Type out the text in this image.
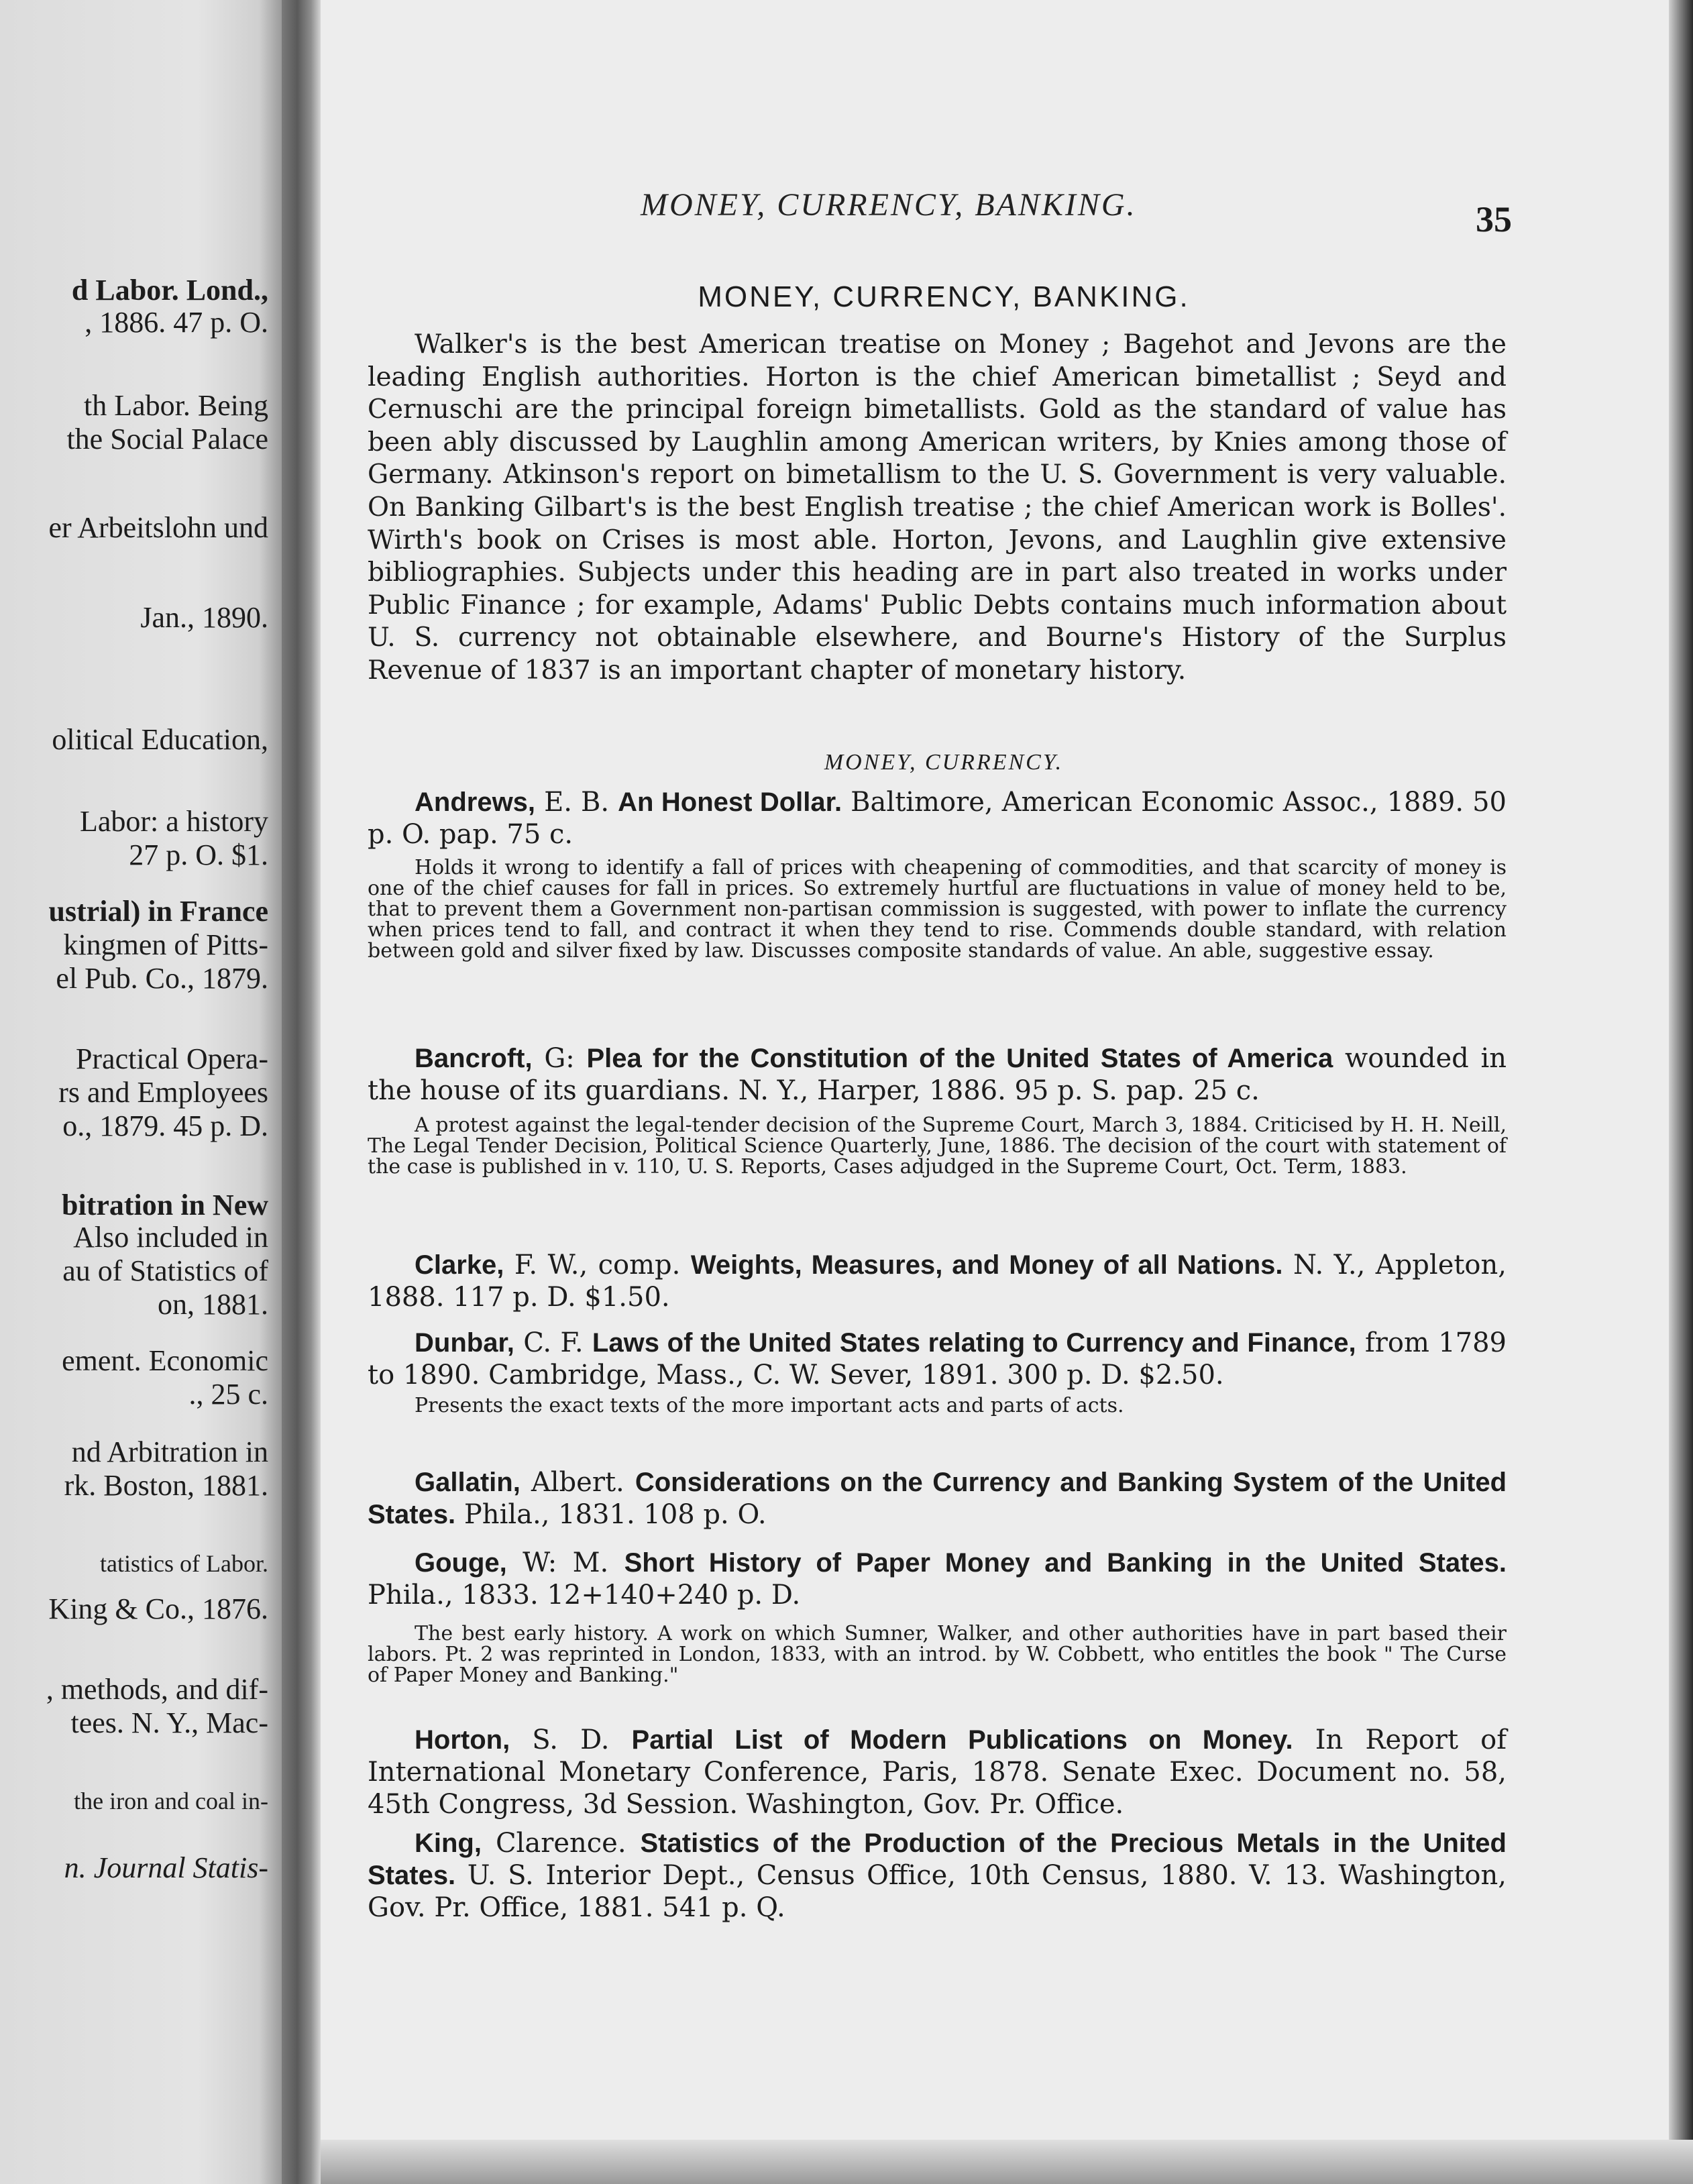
d Labor. Lond.,
, 1886. 47 p. O.
th Labor. Being
the Social Palace
er Arbeitslohn und
Jan., 1890.
olitical Education,
Labor: a history
27 p. O. $1.
ustrial) in France
kingmen of Pitts-
el Pub. Co., 1879.
Practical Opera-
rs and Employees
o., 1879. 45 p. D.
bitration in New
Also included in
au of Statistics of
on, 1881.
ement. Economic
., 25 c.
nd Arbitration in
rk. Boston, 1881.
tatistics of Labor.
King & Co., 1876.
, methods, and dif-
tees. N. Y., Mac-
the iron and coal in-
n. Journal Statis-
MONEY, CURRENCY, BANKING.	35
MONEY, CURRENCY, BANKING.
Walker's is the best American treatise on Money ; Bagehot and Jevons are the leading English authorities. Horton is the chief American bimetallist ; Seyd and Cernuschi are the principal foreign bimetallists. Gold as the standard of value has been ably discussed by Laughlin among American writers, by Knies among those of Germany. Atkinson's report on bimetallism to the U. S. Government is very valuable. On Banking Gilbart's is the best English treatise ; the chief American work is Bolles'. Wirth's book on Crises is most able. Horton, Jevons, and Laughlin give extensive bibliographies. Subjects under this heading are in part also treated in works under Public Finance ; for example, Adams' Public Debts contains much information about U. S. currency not obtainable elsewhere, and Bourne's History of the Surplus Revenue of 1837 is an important chapter of monetary history.
MONEY, CURRENCY.
Andrews, E. B. An Honest Dollar. Baltimore, American Economic Assoc., 1889. 50 p. O. pap. 75 c.
Holds it wrong to identify a fall of prices with cheapening of commodities, and that scarcity of money is one of the chief causes for fall in prices. So extremely hurtful are fluctuations in value of money held to be, that to prevent them a Government non-partisan commission is suggested, with power to inflate the currency when prices tend to fall, and contract it when they tend to rise. Commends double standard, with relation between gold and silver fixed by law. Discusses composite standards of value. An able, suggestive essay.
Bancroft, G: Plea for the Constitution of the United States of America wounded in the house of its guardians. N. Y., Harper, 1886. 95 p. S. pap. 25 c.
A protest against the legal-tender decision of the Supreme Court, March 3, 1884. Criticised by H. H. Neill, The Legal Tender Decision, Political Science Quarterly, June, 1886. The decision of the court with statement of the case is published in v. 110, U. S. Reports, Cases adjudged in the Supreme Court, Oct. Term, 1883.
Clarke, F. W., comp. Weights, Measures, and Money of all Nations. N. Y., Appleton, 1888. 117 p. D. $1.50.
Dunbar, C. F. Laws of the United States relating to Currency and Finance, from 1789 to 1890. Cambridge, Mass., C. W. Sever, 1891. 300 p. D. $2.50.
Presents the exact texts of the more important acts and parts of acts.
Gallatin, Albert. Considerations on the Currency and Banking System of the United States. Phila., 1831. 108 p. O.
Gouge, W: M. Short History of Paper Money and Banking in the United States. Phila., 1833. 12+140+240 p. D.
The best early history. A work on which Sumner, Walker, and other authorities have in part based their labors. Pt. 2 was reprinted in London, 1833, with an introd. by W. Cobbett, who entitles the book " The Curse of Paper Money and Banking."
Horton, S. D. Partial List of Modern Publications on Money. In Report of International Monetary Conference, Paris, 1878. Senate Exec. Document no. 58, 45th Congress, 3d Session. Washington, Gov. Pr. Office.
King, Clarence. Statistics of the Production of the Precious Metals in the United States. U. S. Interior Dept., Census Office, 10th Census, 1880. V. 13. Washington, Gov. Pr. Office, 1881. 541 p. Q.
